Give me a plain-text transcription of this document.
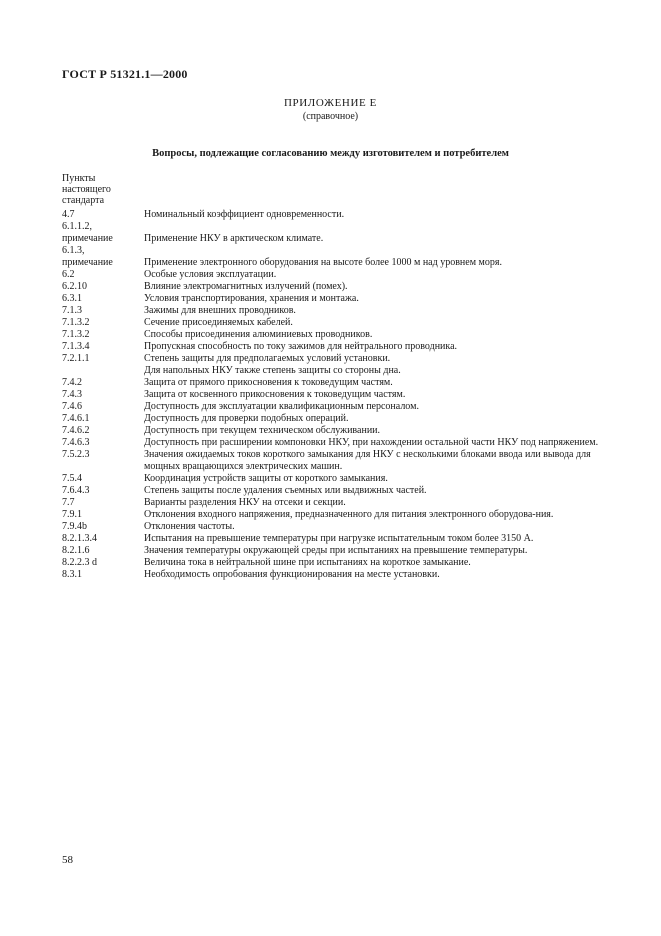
ГОСТ Р 51321.1—2000
ПРИЛОЖЕНИЕ Е
(справочное)
Вопросы, подлежащие согласованию между изготовителем и потребителем
Пункты
настоящего
стандарта
4.7	Номинальный коэффициент одновременности.
6.1.1.2,
примечание	Применение НКУ в арктическом климате.
6.1.3,
примечание	Применение электронного оборудования на высоте более 1000 м над уровнем моря.
6.2	Особые условия эксплуатации.
6.2.10	Влияние электромагнитных излучений (помех).
6.3.1	Условия транспортирования, хранения и монтажа.
7.1.3	Зажимы для внешних проводников.
7.1.3.2	Сечение присоединяемых кабелей.
7.1.3.2	Способы присоединения алюминиевых проводников.
7.1.3.4	Пропускная способность по току зажимов для нейтрального проводника.
7.2.1.1	Степень защиты для предполагаемых условий установки.
Для напольных НКУ также степень защиты со стороны дна.
7.4.2	Защита от прямого прикосновения к токоведущим частям.
7.4.3	Защита от косвенного прикосновения к токоведущим частям.
7.4.6	Доступность для эксплуатации квалификационным персоналом.
7.4.6.1	Доступность для проверки подобных операций.
7.4.6.2	Доступность при текущем техническом обслуживании.
7.4.6.3	Доступность при расширении компоновки НКУ, при нахождении остальной части НКУ под напряжением.
7.5.2.3	Значения ожидаемых токов короткого замыкания для НКУ с несколькими блоками ввода или вывода для мощных вращающихся электрических машин.
7.5.4	Координация устройств защиты от короткого замыкания.
7.6.4.3	Степень защиты после удаления съемных или выдвижных частей.
7.7	Варианты разделения НКУ на отсеки и секции.
7.9.1	Отклонения входного напряжения, предназначенного для питания электронного оборудова-ния.
7.9.4b	Отклонения частоты.
8.2.1.3.4	Испытания на превышение температуры при нагрузке испытательным током более 3150 А.
8.2.1.6	Значения температуры окружающей среды при испытаниях на превышение температуры.
8.2.2.3 d	Величина тока в нейтральной шине при испытаниях на короткое замыкание.
8.3.1	Необходимость опробования функционирования на месте установки.
58
